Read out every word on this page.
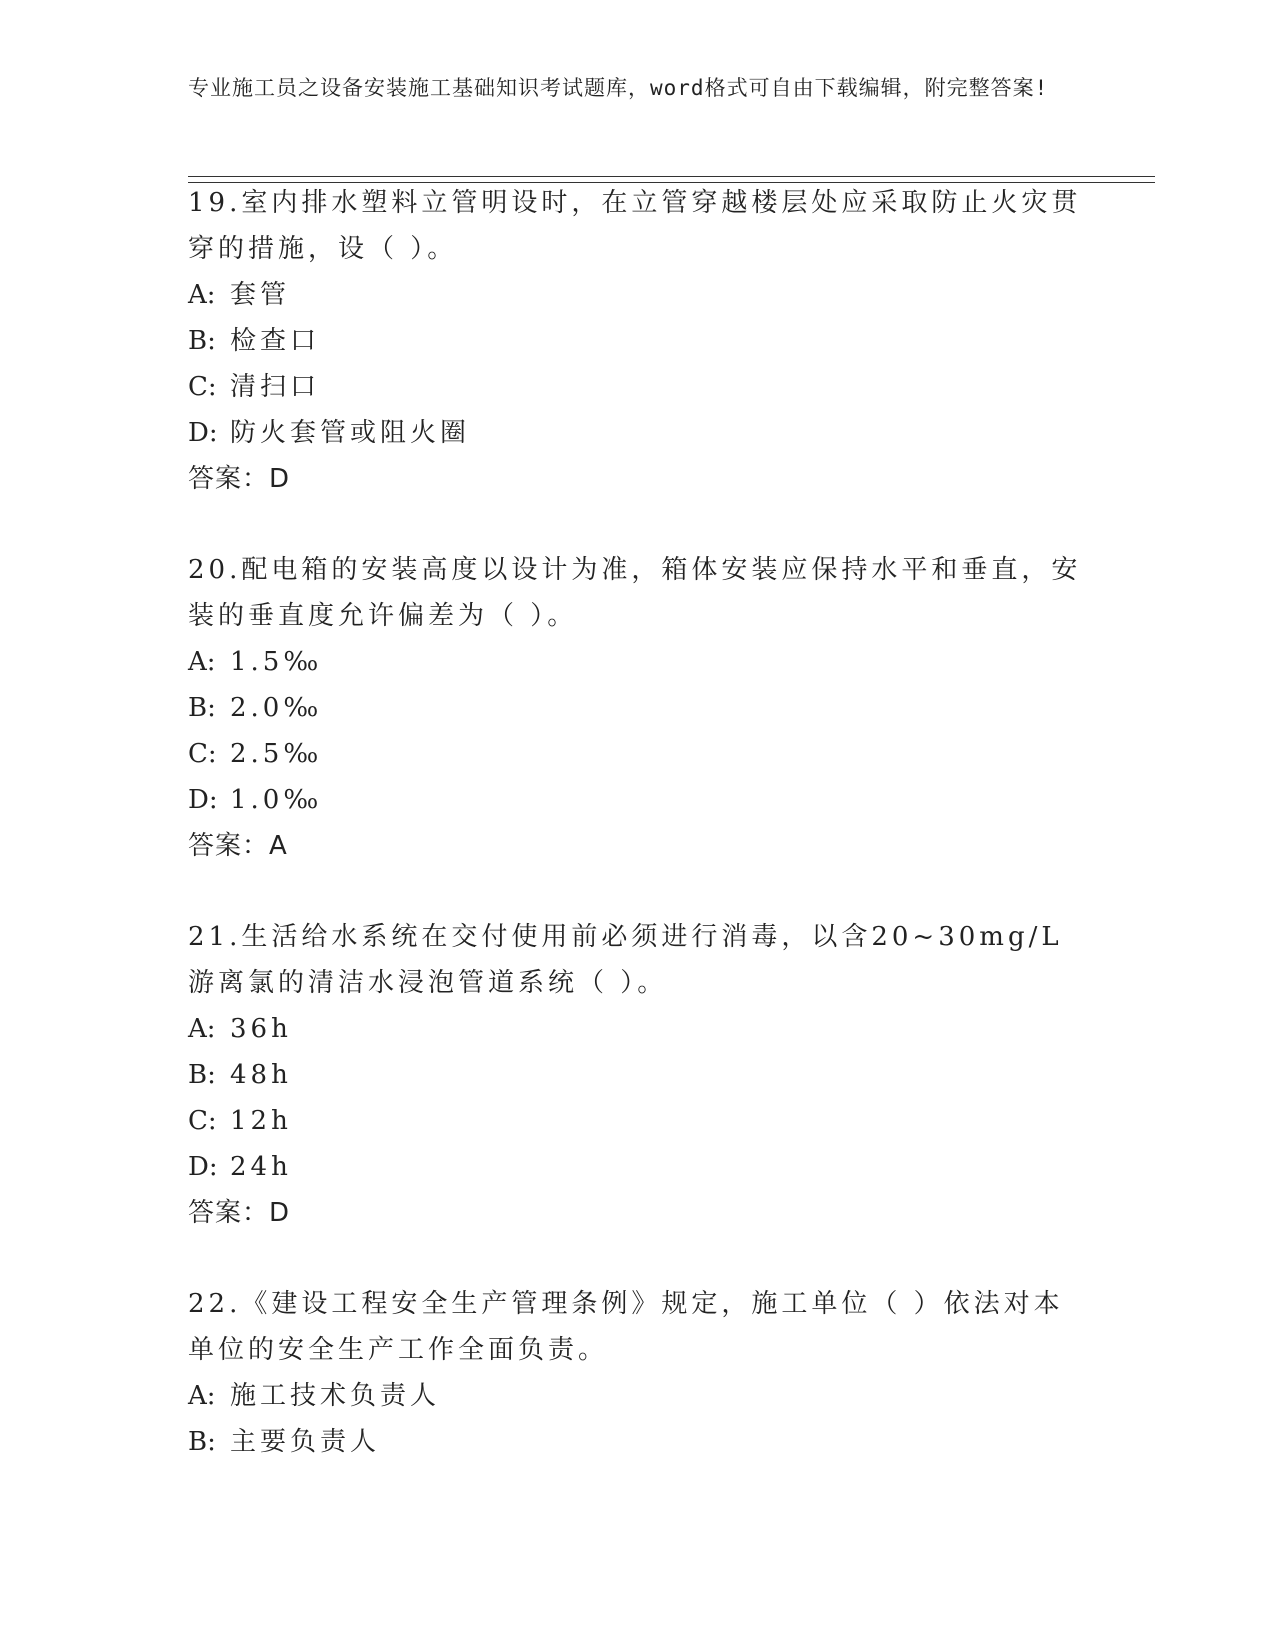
专业施工员之设备安装施工基础知识考试题库，word格式可自由下载编辑，附完整答案!

19.室内排水塑料立管明设时，在立管穿越楼层处应采取防止火灾贯穿的措施，设（ ）。

A: 套管
B: 检查口
C: 清扫口
D: 防火套管或阻火圈
答案：D

20.配电箱的安装高度以设计为准，箱体安装应保持水平和垂直，安装的垂直度允许偏差为（ ）。

A: 1.5‰
B: 2.0‰
C: 2.5‰
D: 1.0‰
答案：A

21.生活给水系统在交付使用前必须进行消毒，以含20~30mg/L游离氯的清洁水浸泡管道系统（ ）。

A: 36h
B: 48h
C: 12h
D: 24h
答案：D

22.《建设工程安全生产管理条例》规定，施工单位（ ）依法对本单位的安全生产工作全面负责。

A: 施工技术负责人
B: 主要负责人
